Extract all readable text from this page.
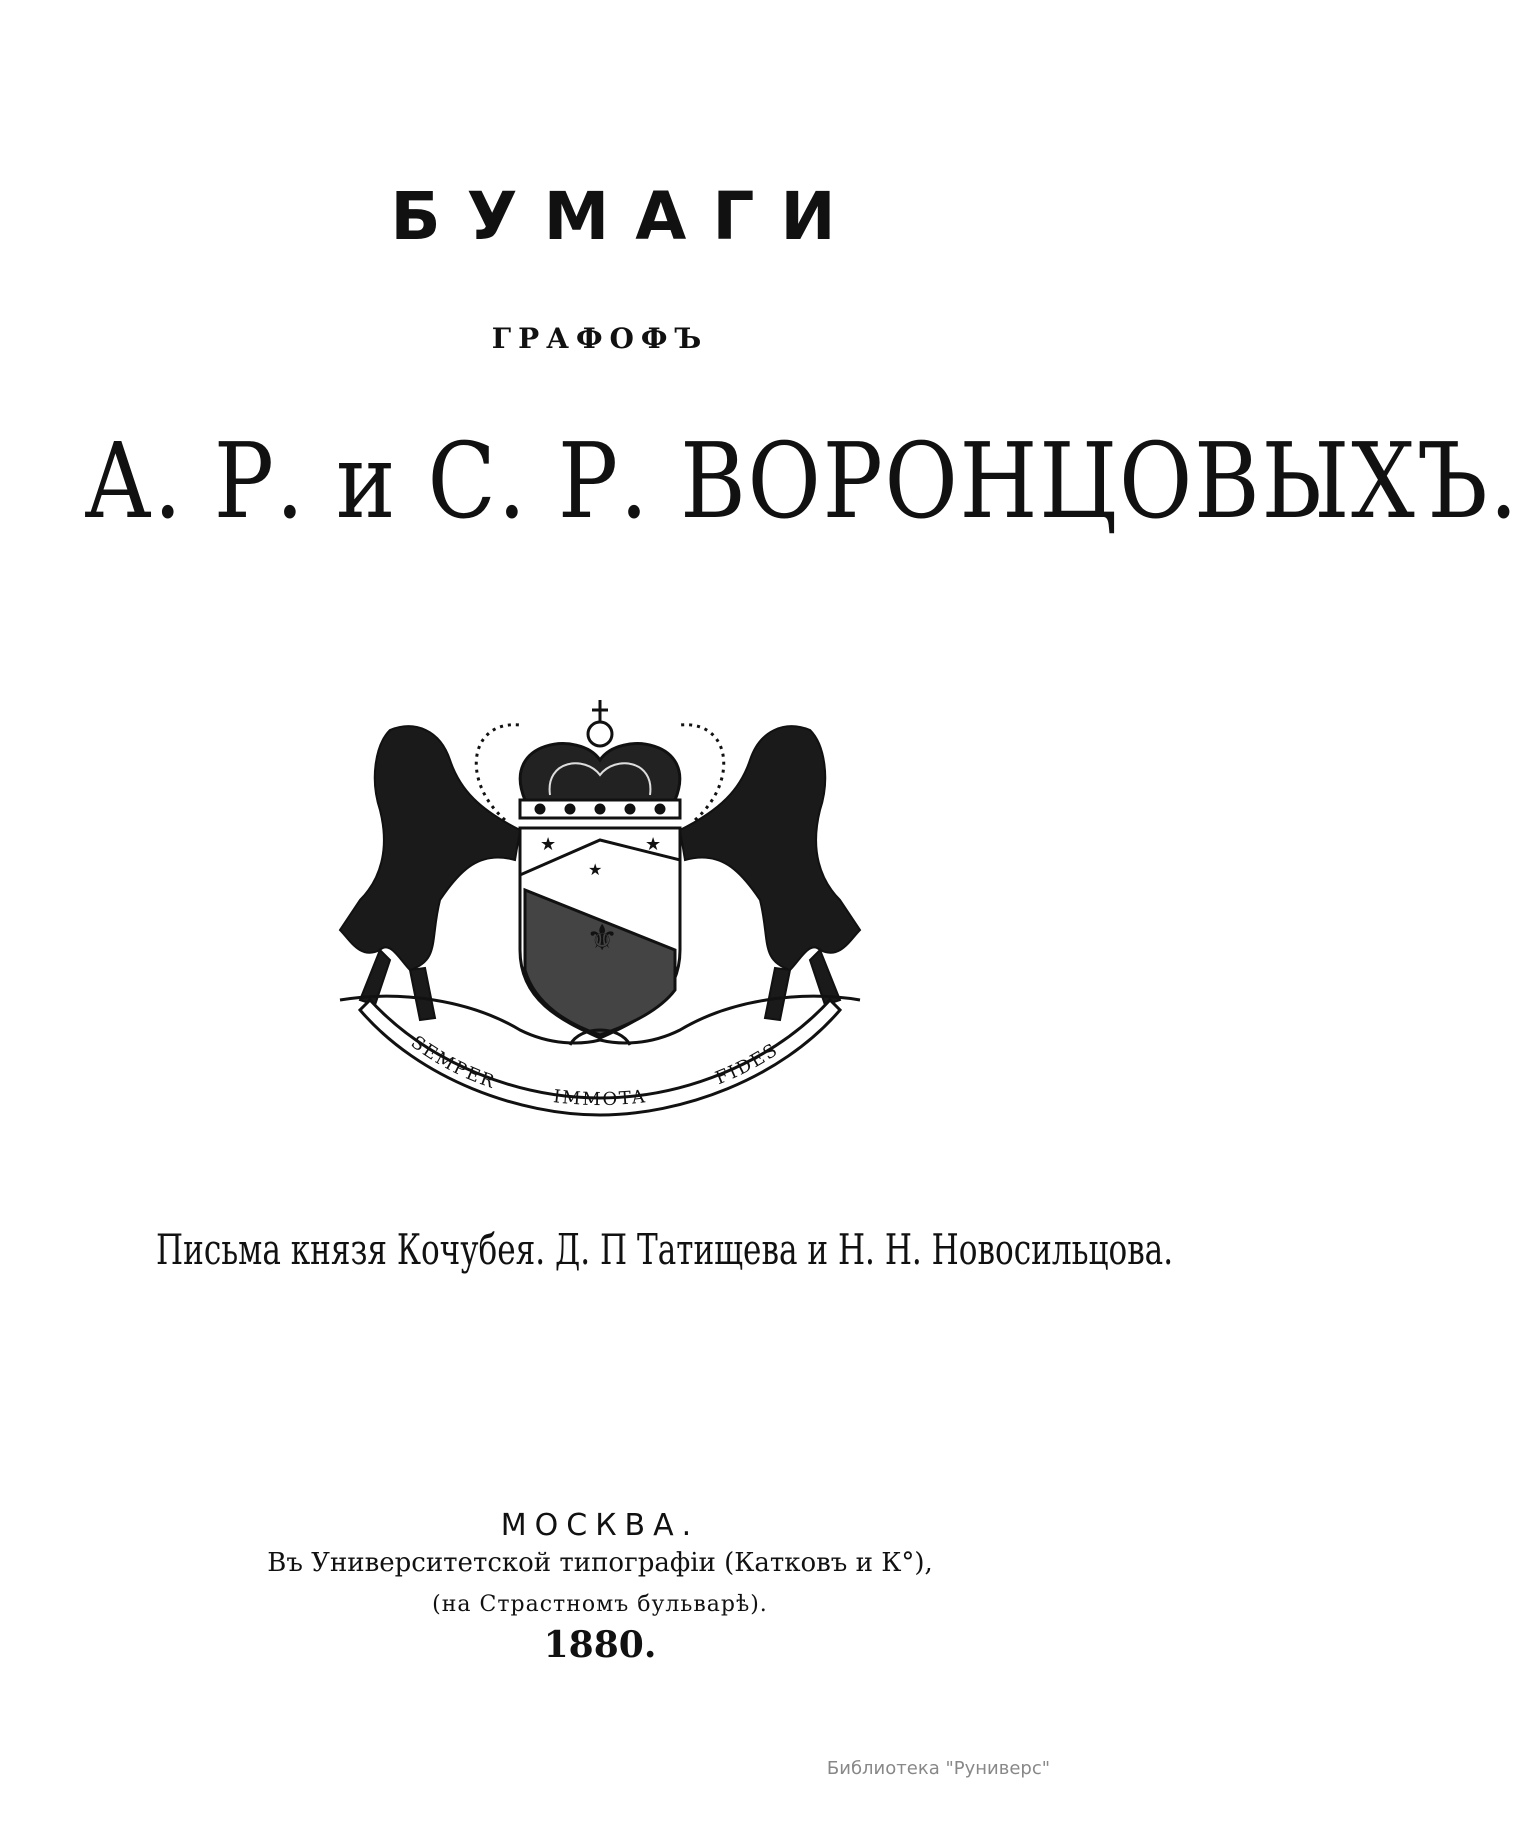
БУМАГИ
ГРАФОФЪ
А. Р. и С. Р. ВОРОНЦОВЫХЪ.
★	★
★
⚜
SEMPER
IMMOTA
FIDES
Письма князя Кочубея. Д. П Татищева и Н. Н. Новосильцова.
МОСКВА.
Въ Университетской типографіи (Катковъ и К°),
(на Страстномъ бульварѣ).
1880.
Библиотека "Руниверс"
